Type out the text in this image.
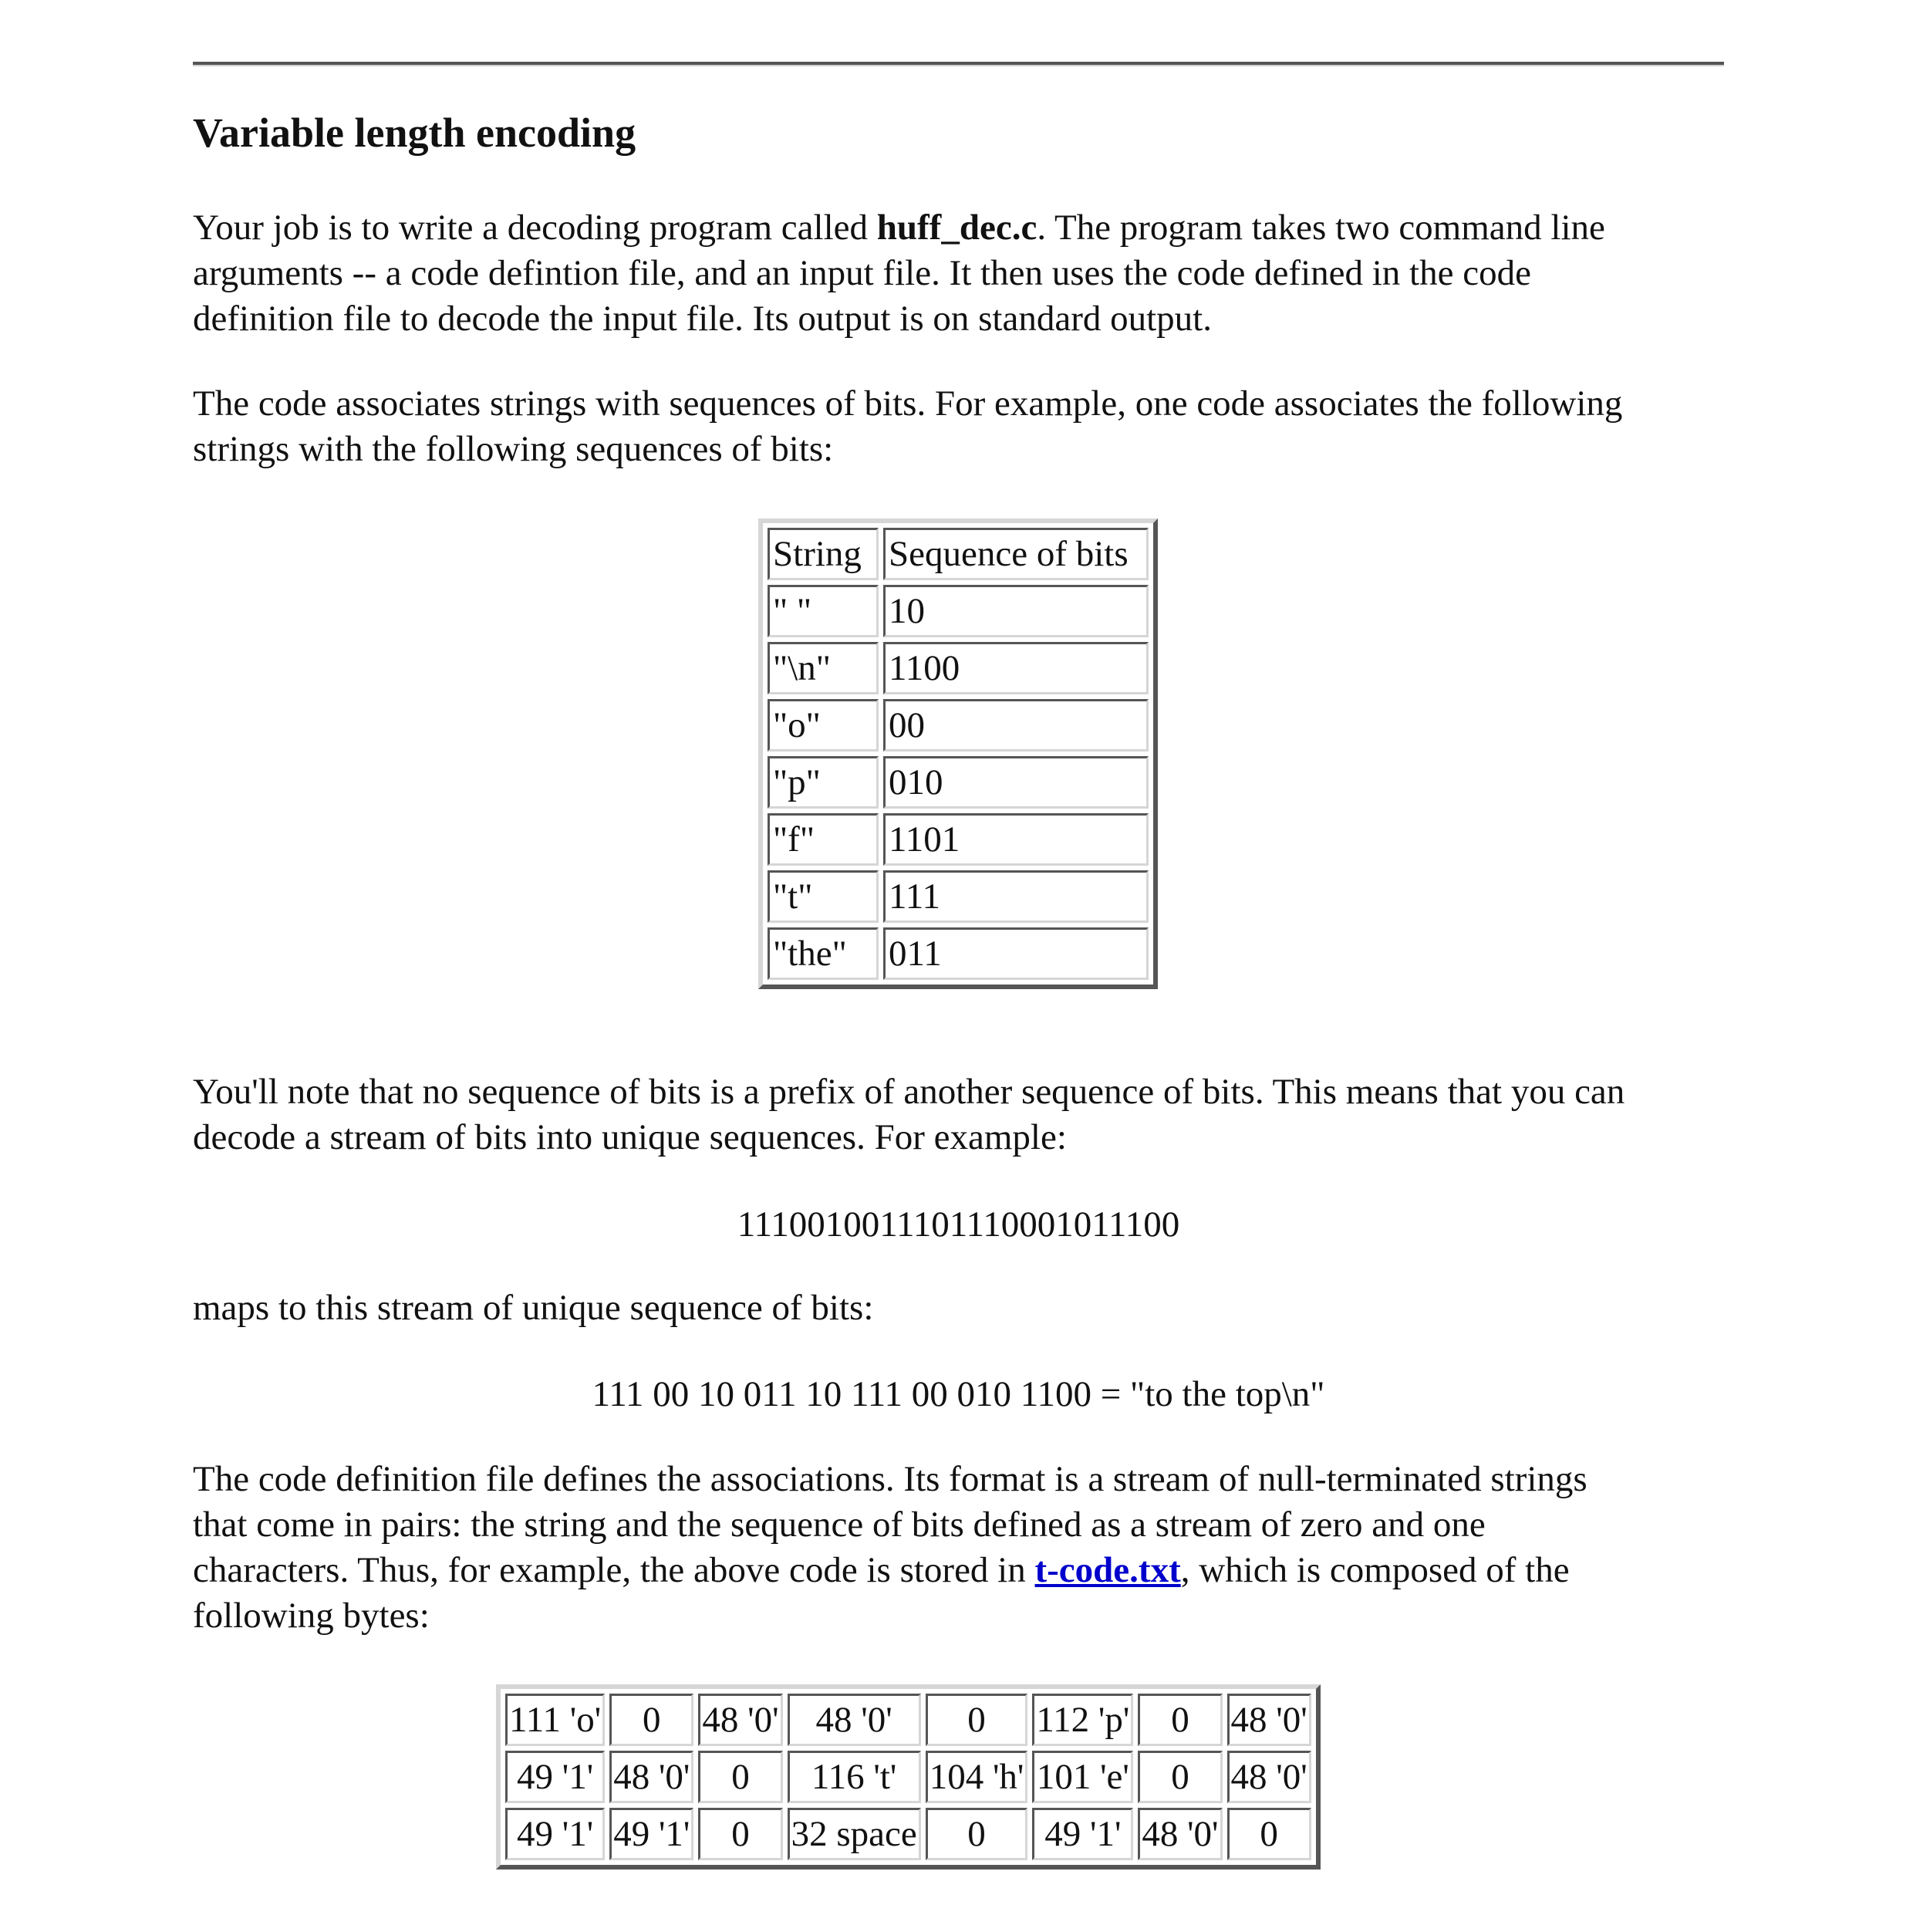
Variable length encoding

Your job is to write a decoding program called huff_dec.c. The program takes two command line

arguments -- a code defintion file, and an input file. It then uses the code defined in the code

definition file to decode the input file. Its output is on standard output.

The code associates strings with sequences of bits. For example, one code associates the following

strings with the following sequences of bits:

String	Sequence of bits
" "	10
"\n"	1100
"o"	00
"p"	010
"f"	1101
"t"	111
"the"	011

You'll note that no sequence of bits is a prefix of another sequence of bits. This means that you can

decode a stream of bits into unique sequences. For example:

1110010011101110001011100

maps to this stream of unique sequence of bits:

111 00 10 011 10 111 00 010 1100 = "to the top\n"

The code definition file defines the associations. Its format is a stream of null-terminated strings

that come in pairs: the string and the sequence of bits defined as a stream of zero and one

characters. Thus, for example, the above code is stored in t-code.txt, which is composed of the

following bytes:

111 'o'	0	48 '0'	48 '0'	0	112 'p'	0	48 '0'
49 '1'	48 '0'	0	116 't'	104 'h'	101 'e'	0	48 '0'
49 '1'	49 '1'	0	32 space	0	49 '1'	48 '0'	0
